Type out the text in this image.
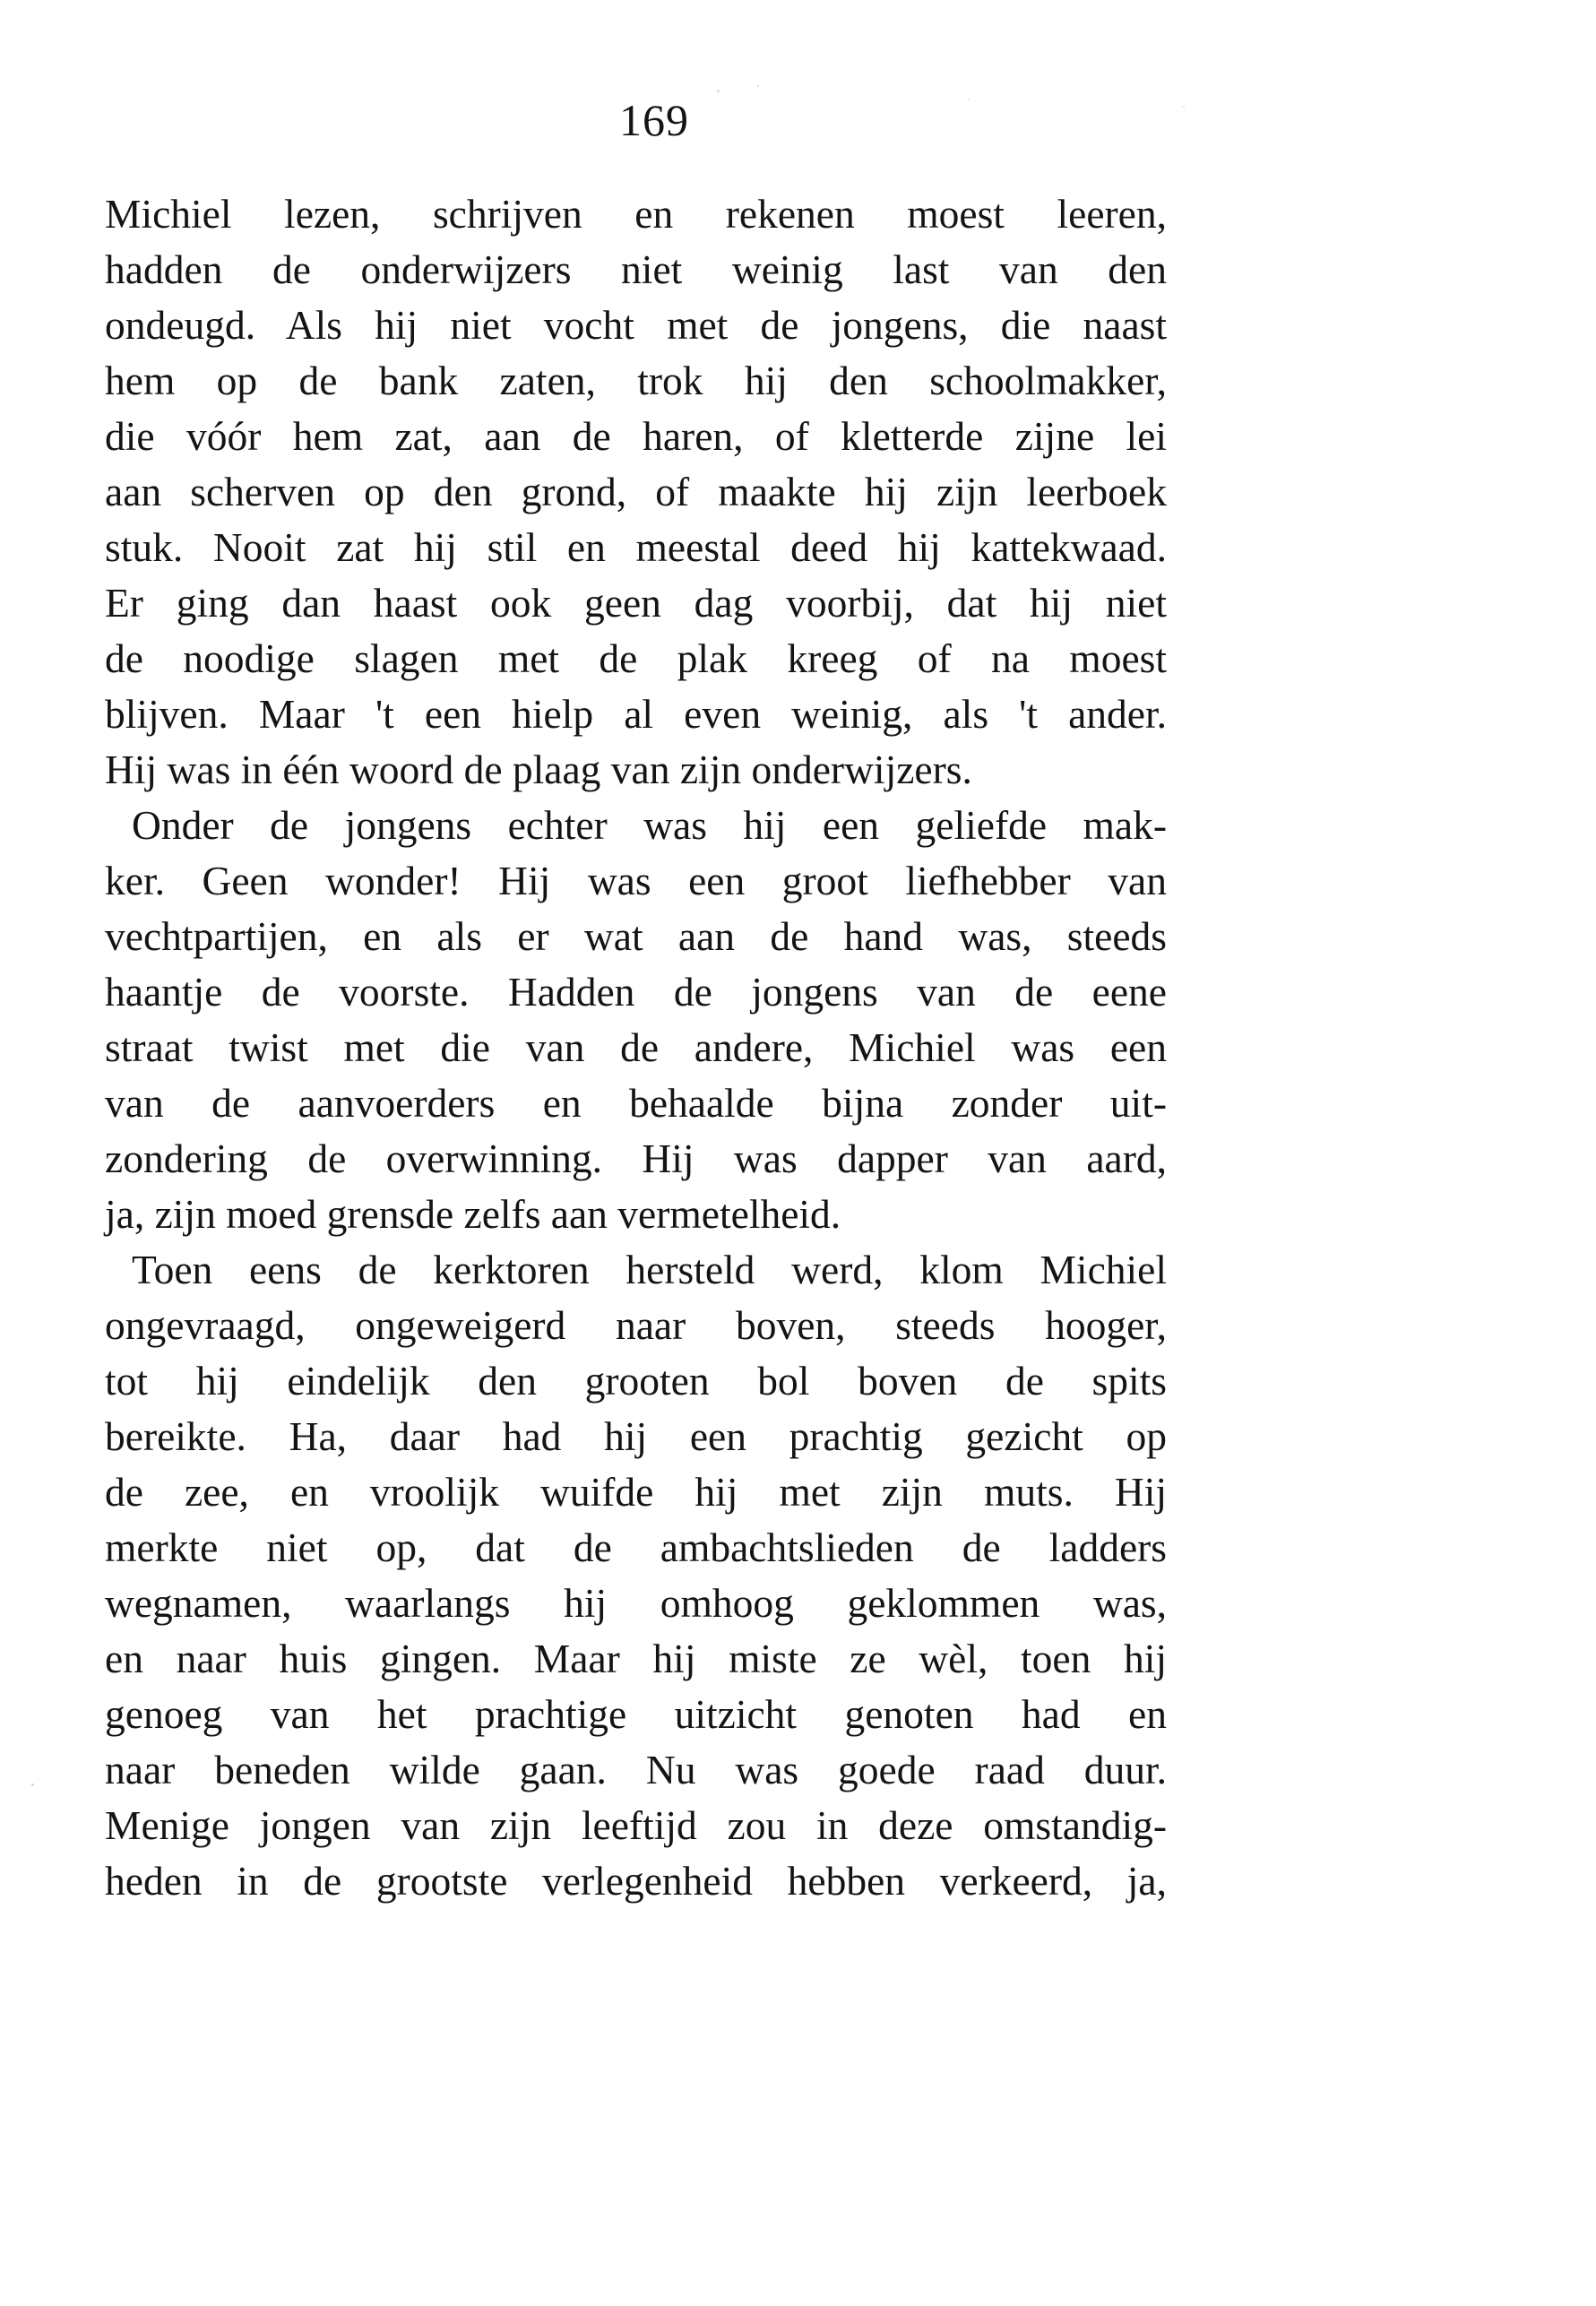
169
Michiel lezen, schrijven en rekenen moest leeren,
hadden de onderwijzers niet weinig last van den
ondeugd. Als hij niet vocht met de jongens, die naast
hem op de bank zaten, trok hij den schoolmakker,
die vóór hem zat, aan de haren, of kletterde zijne lei
aan scherven op den grond, of maakte hij zijn leerboek
stuk. Nooit zat hij stil en meestal deed hij kattekwaad.
Er ging dan haast ook geen dag voorbij, dat hij niet
de noodige slagen met de plak kreeg of na moest
blijven. Maar 't een hielp al even weinig, als 't ander.
Hij was in één woord de plaag van zijn onderwijzers.
Onder de jongens echter was hij een geliefde mak-
ker. Geen wonder! Hij was een groot liefhebber van
vechtpartijen, en als er wat aan de hand was, steeds
haantje de voorste. Hadden de jongens van de eene
straat twist met die van de andere, Michiel was een
van de aanvoerders en behaalde bijna zonder uit-
zondering de overwinning. Hij was dapper van aard,
ja, zijn moed grensde zelfs aan vermetelheid.
Toen eens de kerktoren hersteld werd, klom Michiel
ongevraagd, ongeweigerd naar boven, steeds hooger,
tot hij eindelijk den grooten bol boven de spits
bereikte. Ha, daar had hij een prachtig gezicht op
de zee, en vroolijk wuifde hij met zijn muts. Hij
merkte niet op, dat de ambachtslieden de ladders
wegnamen, waarlangs hij omhoog geklommen was,
en naar huis gingen. Maar hij miste ze wèl, toen hij
genoeg van het prachtige uitzicht genoten had en
naar beneden wilde gaan. Nu was goede raad duur.
Menige jongen van zijn leeftijd zou in deze omstandig-
heden in de grootste verlegenheid hebben verkeerd, ja,
